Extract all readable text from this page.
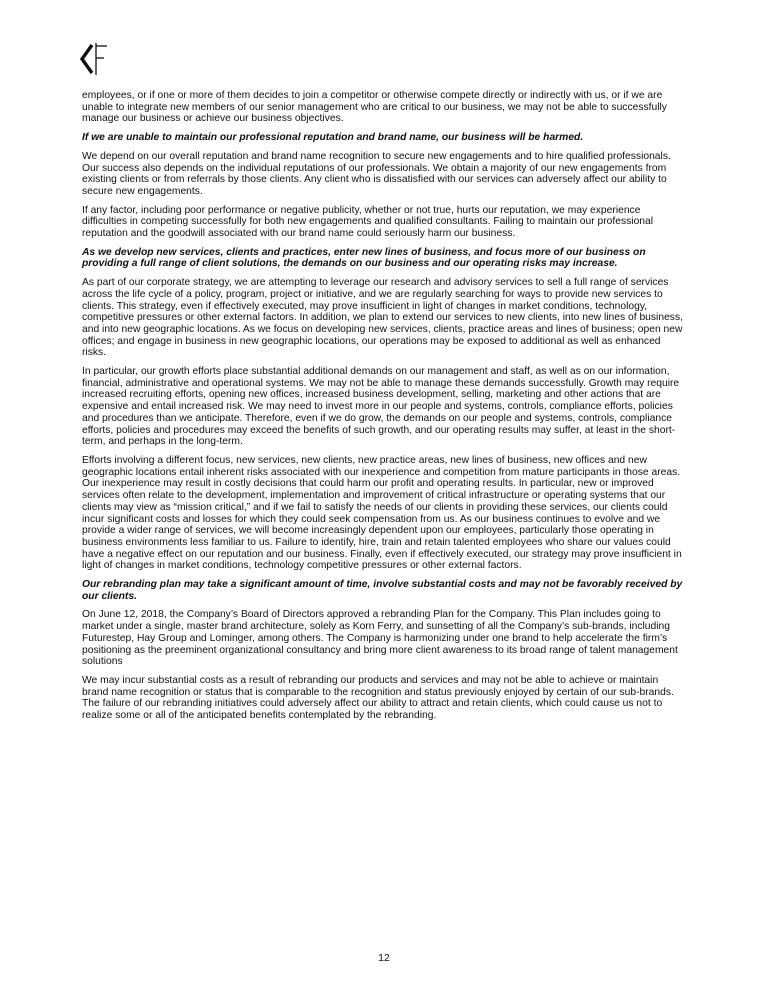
employees, or if one or more of them decides to join a competitor or otherwise compete directly or indirectly with us, or if we are unable to integrate new members of our senior management who are critical to our business, we may not be able to successfully manage our business or achieve our business objectives.

If we are unable to maintain our professional reputation and brand name, our business will be harmed.

We depend on our overall reputation and brand name recognition to secure new engagements and to hire qualified professionals. Our success also depends on the individual reputations of our professionals. We obtain a majority of our new engagements from existing clients or from referrals by those clients. Any client who is dissatisfied with our services can adversely affect our ability to secure new engagements.

If any factor, including poor performance or negative publicity, whether or not true, hurts our reputation, we may experience difficulties in competing successfully for both new engagements and qualified consultants. Failing to maintain our professional reputation and the goodwill associated with our brand name could seriously harm our business.

As we develop new services, clients and practices, enter new lines of business, and focus more of our business on providing a full range of client solutions, the demands on our business and our operating risks may increase.

As part of our corporate strategy, we are attempting to leverage our research and advisory services to sell a full range of services across the life cycle of a policy, program, project or initiative, and we are regularly searching for ways to provide new services to clients. This strategy, even if effectively executed, may prove insufficient in light of changes in market conditions, technology, competitive pressures or other external factors. In addition, we plan to extend our services to new clients, into new lines of business, and into new geographic locations. As we focus on developing new services, clients, practice areas and lines of business; open new offices; and engage in business in new geographic locations, our operations may be exposed to additional as well as enhanced risks.

In particular, our growth efforts place substantial additional demands on our management and staff, as well as on our information, financial, administrative and operational systems. We may not be able to manage these demands successfully. Growth may require increased recruiting efforts, opening new offices, increased business development, selling, marketing and other actions that are expensive and entail increased risk. We may need to invest more in our people and systems, controls, compliance efforts, policies and procedures than we anticipate. Therefore, even if we do grow, the demands on our people and systems, controls, compliance efforts, policies and procedures may exceed the benefits of such growth, and our operating results may suffer, at least in the short-term, and perhaps in the long-term.

Efforts involving a different focus, new services, new clients, new practice areas, new lines of business, new offices and new geographic locations entail inherent risks associated with our inexperience and competition from mature participants in those areas. Our inexperience may result in costly decisions that could harm our profit and operating results. In particular, new or improved services often relate to the development, implementation and improvement of critical infrastructure or operating systems that our clients may view as “mission critical,” and if we fail to satisfy the needs of our clients in providing these services, our clients could incur significant costs and losses for which they could seek compensation from us. As our business continues to evolve and we provide a wider range of services, we will become increasingly dependent upon our employees, particularly those operating in business environments less familiar to us. Failure to identify, hire, train and retain talented employees who share our values could have a negative effect on our reputation and our business. Finally, even if effectively executed, our strategy may prove insufficient in light of changes in market conditions, technology competitive pressures or other external factors.

Our rebranding plan may take a significant amount of time, involve substantial costs and may not be favorably received by our clients.

On June 12, 2018, the Company’s Board of Directors approved a rebranding Plan for the Company. This Plan includes going to market under a single, master brand architecture, solely as Korn Ferry, and sunsetting of all the Company’s sub-brands, including Futurestep, Hay Group and Lominger, among others. The Company is harmonizing under one brand to help accelerate the firm’s positioning as the preeminent organizational consultancy and bring more client awareness to its broad range of talent management solutions

We may incur substantial costs as a result of rebranding our products and services and may not be able to achieve or maintain brand name recognition or status that is comparable to the recognition and status previously enjoyed by certain of our sub-brands. The failure of our rebranding initiatives could adversely affect our ability to attract and retain clients, which could cause us not to realize some or all of the anticipated benefits contemplated by the rebranding.

12
